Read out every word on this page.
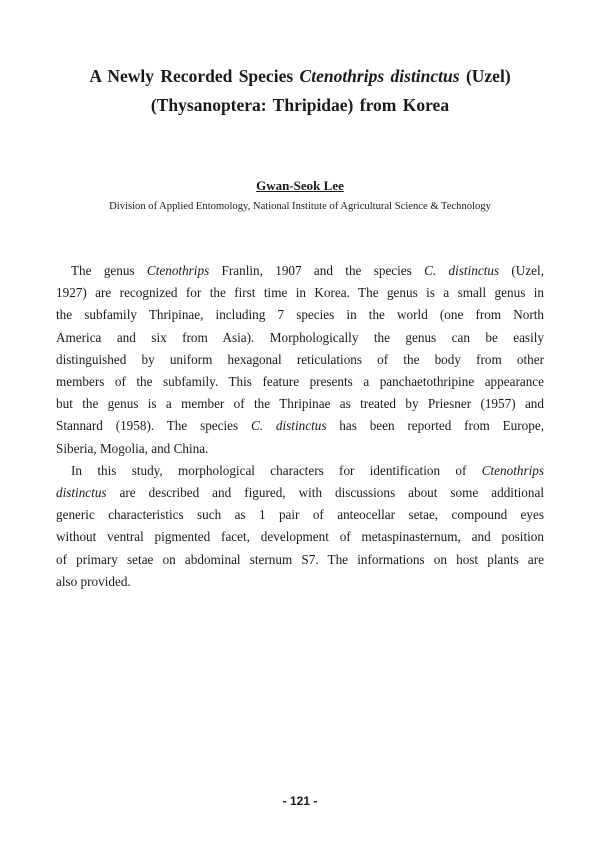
A Newly Recorded Species Ctenothrips distinctus (Uzel)
(Thysanoptera: Thripidae) from Korea

Gwan-Seok Lee

Division of Applied Entomology, National Institute of Agricultural Science & Technology

The genus Ctenothrips Franlin, 1907 and the species C. distinctus (Uzel,
1927) are recognized for the first time in Korea. The genus is a small genus in
the subfamily Thripinae, including 7 species in the world (one from North
America and six from Asia). Morphologically the genus can be easily
distinguished by uniform hexagonal reticulations of the body from other
members of the subfamily. This feature presents a panchaetothripine appearance
but the genus is a member of the Thripinae as treated by Priesner (1957) and
Stannard (1958). The species C. distinctus has been reported from Europe,
Siberia, Mogolia, and China.

In this study, morphological characters for identification of Ctenothrips
distinctus are described and figured, with discussions about some additional
generic characteristics such as 1 pair of anteocellar setae, compound eyes
without ventral pigmented facet, development of metaspinasternum, and position
of primary setae on abdominal sternum S7. The informations on host plants are
also provided.

- 121 -
